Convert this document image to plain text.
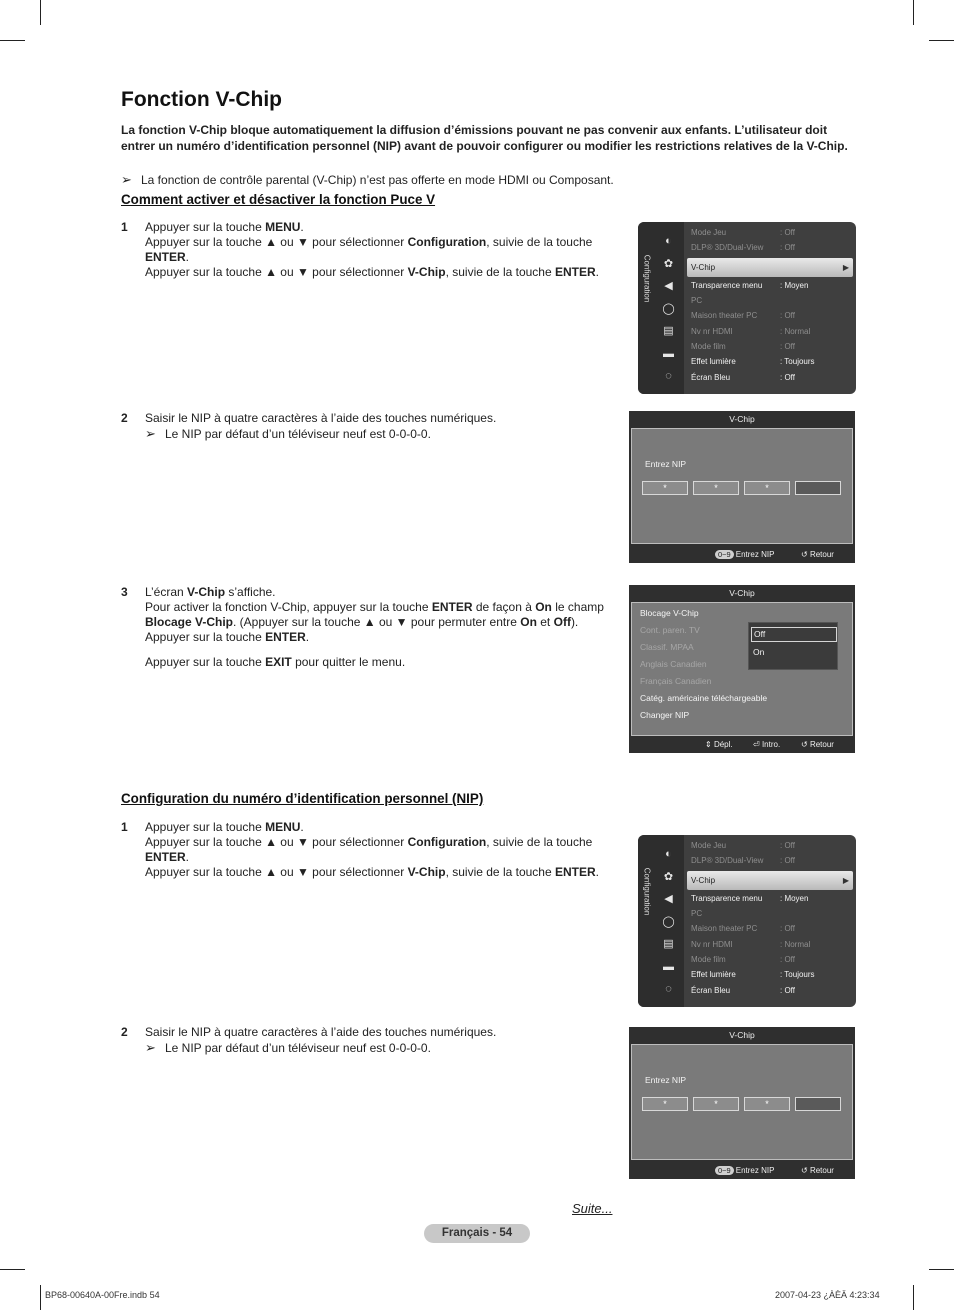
Fonction V-Chip

La fonction V-Chip bloque automatiquement la diffusion d’émissions pouvant ne pas convenir aux enfants. L’utilisateur doit entrer un numéro d’identification personnel (NIP) avant de pouvoir configurer ou modifier les restrictions relatives de la V-Chip.

➢ La fonction de contrôle parental (V-Chip) n’est pas offerte en mode HDMI ou Composant.
Comment activer et désactiver la fonction Puce V
1 Appuyer sur la touche MENU.

Appuyer sur la touche ▲ ou ▼ pour sélectionner Configuration, suivie de la touche ENTER.

Appuyer sur la touche ▲ ou ▼ pour sélectionner V-Chip, suivie de la touche ENTER.

2 Saisir le NIP à quatre caractères à l’aide des touches numériques.

➢ Le NIP par défaut d’un téléviseur neuf est 0-0-0-0.

3 L’écran V-Chip s’affiche.

Pour activer la fonction V-Chip, appuyer sur la touche ENTER de façon à On le champ Blocage V-Chip. (Appuyer sur la touche ▲ ou ▼ pour permuter entre On et Off). Appuyer sur la touche ENTER.

Appuyer sur la touche EXIT pour quitter le menu.

Configuration du numéro d’identification personnel (NIP)
1 Appuyer sur la touche MENU.

Appuyer sur la touche ▲ ou ▼ pour sélectionner Configuration, suivie de la touche ENTER.

Appuyer sur la touche ▲ ou ▼ pour sélectionner V-Chip, suivie de la touche ENTER.

2 Saisir le NIP à quatre caractères à l’aide des touches numériques.

➢ Le NIP par défaut d’un téléviseur neuf est 0-0-0-0.

Configuration
◐
✿
◀
◯
▤
▬
◌
Mode Jeu	: Off
DLP® 3D/Dual-View : Off
V-Chip	▶
Transparence menu : Moyen
PC
Maison theater PC	: Off
Nv nr HDMI	: Normal
Mode film	: Off
Effet lumière	: Toujours
Écran Bleu	: Off
Configuration
◐
✿
◀
◯
▤
▬
◌
Mode Jeu	: Off
DLP® 3D/Dual-View : Off
V-Chip	▶
Transparence menu : Moyen
PC
Maison theater PC	: Off
Nv nr HDMI	: Normal
Mode film	: Off
Effet lumière	: Toujours
Écran Bleu	: Off
V-Chip
Entrez NIP
*	*	*
0~9 Entrez NIP	↺ Retour
V-Chip
Entrez NIP
*	*	*
0~9 Entrez NIP	↺ Retour
V-Chip
Blocage V-Chip
Cont. paren. TV
Classif. MPAA
Anglais Canadien
Français Canadien
Catég. américaine téléchargeable
Changer NIP
Off
On
⇕ Dépl.	⏎ Intro.	↺ Retour
Suite...
Français - 54
BP68-00640A-00Fre.indb 54	2007-04-23 ¿ÀÈÄ 4:23:34
